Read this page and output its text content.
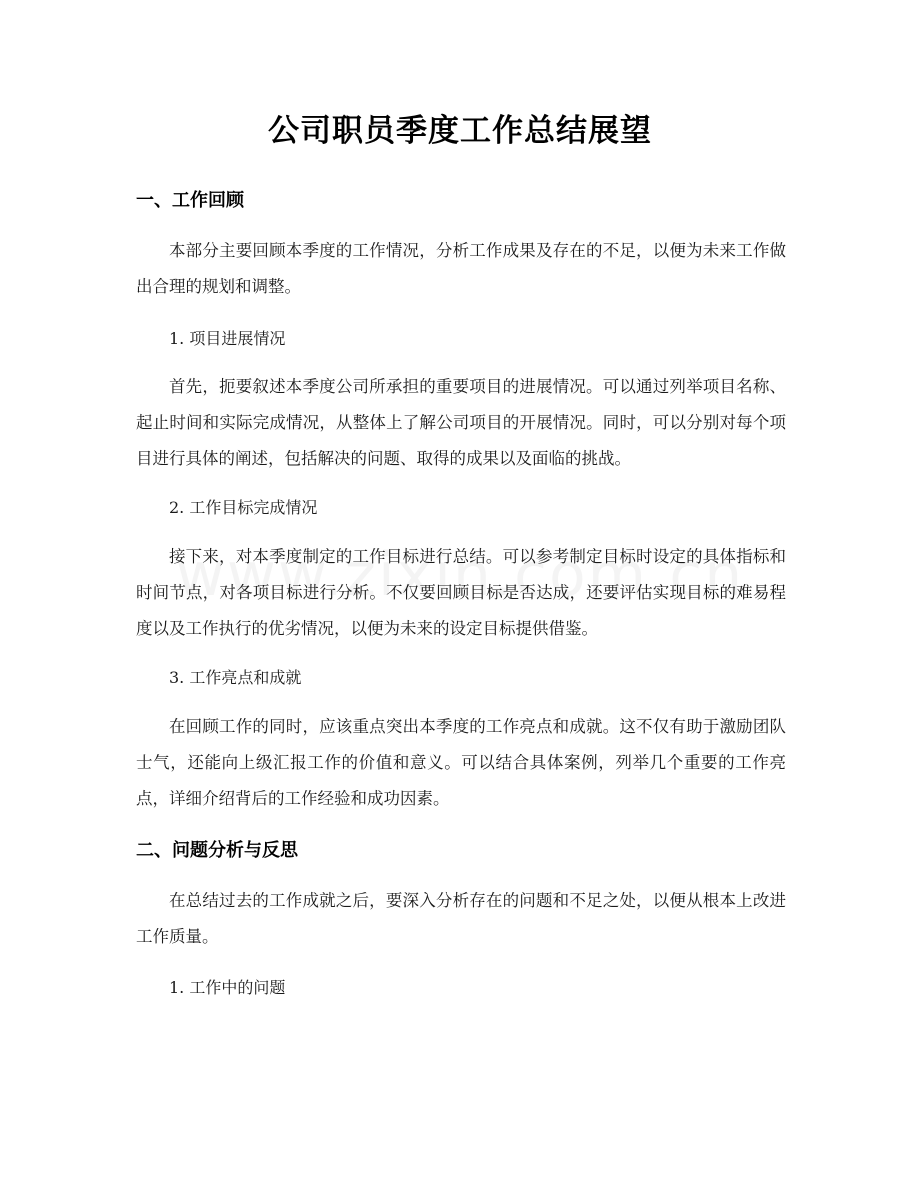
公司职员季度工作总结展望
一、工作回顾
本部分主要回顾本季度的工作情况，分析工作成果及存在的不足，以便为未来工作做出合理的规划和调整。
1. 项目进展情况
首先，扼要叙述本季度公司所承担的重要项目的进展情况。可以通过列举项目名称、起止时间和实际完成情况，从整体上了解公司项目的开展情况。同时，可以分别对每个项目进行具体的阐述，包括解决的问题、取得的成果以及面临的挑战。
2. 工作目标完成情况
接下来，对本季度制定的工作目标进行总结。可以参考制定目标时设定的具体指标和时间节点，对各项目标进行分析。不仅要回顾目标是否达成，还要评估实现目标的难易程度以及工作执行的优劣情况，以便为未来的设定目标提供借鉴。
3. 工作亮点和成就
在回顾工作的同时，应该重点突出本季度的工作亮点和成就。这不仅有助于激励团队士气，还能向上级汇报工作的价值和意义。可以结合具体案例，列举几个重要的工作亮点，详细介绍背后的工作经验和成功因素。
二、问题分析与反思
在总结过去的工作成就之后，要深入分析存在的问题和不足之处，以便从根本上改进工作质量。
1. 工作中的问题
